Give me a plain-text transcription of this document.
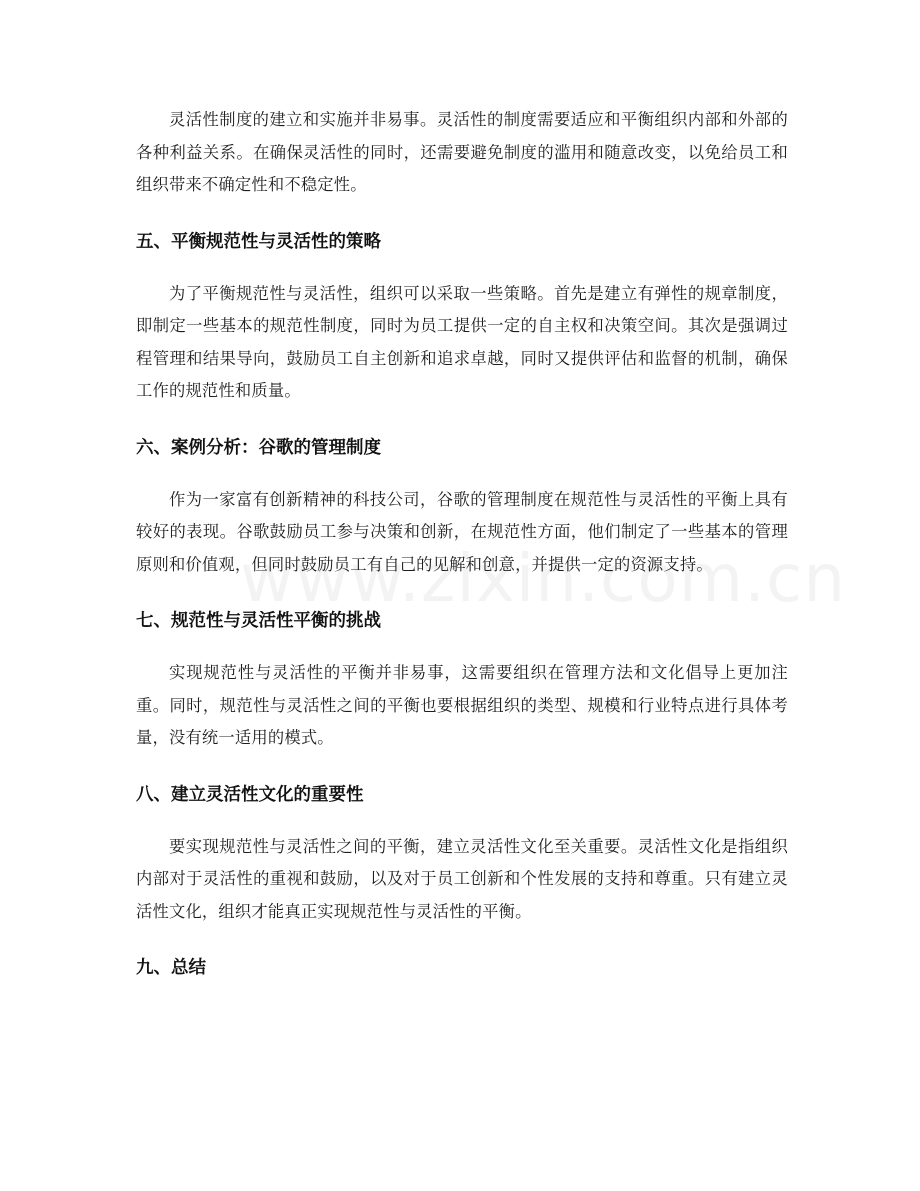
灵活性制度的建立和实施并非易事。灵活性的制度需要适应和平衡组织内部和外部的各种利益关系。在确保灵活性的同时，还需要避免制度的滥用和随意改变，以免给员工和组织带来不确定性和不稳定性。

五、平衡规范性与灵活性的策略

为了平衡规范性与灵活性，组织可以采取一些策略。首先是建立有弹性的规章制度，即制定一些基本的规范性制度，同时为员工提供一定的自主权和决策空间。其次是强调过程管理和结果导向，鼓励员工自主创新和追求卓越，同时又提供评估和监督的机制，确保工作的规范性和质量。

六、案例分析：谷歌的管理制度

作为一家富有创新精神的科技公司，谷歌的管理制度在规范性与灵活性的平衡上具有较好的表现。谷歌鼓励员工参与决策和创新，在规范性方面，他们制定了一些基本的管理原则和价值观，但同时鼓励员工有自己的见解和创意，并提供一定的资源支持。

七、规范性与灵活性平衡的挑战

实现规范性与灵活性的平衡并非易事，这需要组织在管理方法和文化倡导上更加注重。同时，规范性与灵活性之间的平衡也要根据组织的类型、规模和行业特点进行具体考量，没有统一适用的模式。

八、建立灵活性文化的重要性

要实现规范性与灵活性之间的平衡，建立灵活性文化至关重要。灵活性文化是指组织内部对于灵活性的重视和鼓励，以及对于员工创新和个性发展的支持和尊重。只有建立灵活性文化，组织才能真正实现规范性与灵活性的平衡。

九、总结
